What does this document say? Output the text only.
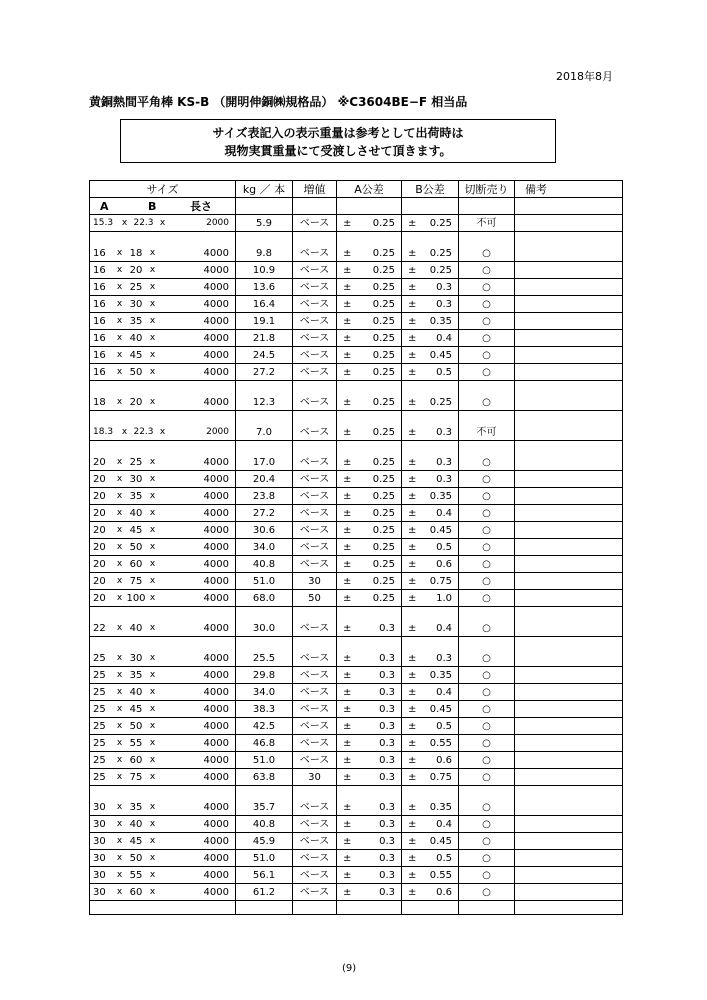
2018年8月
黄銅熱間平角棒 KS-B （開明伸銅㈱規格品） ※C3604BE−F 相当品
サイズ表記入の表示重量は参考として出荷時は
現物実貫重量にて受渡しさせて頂きます。
サイズ	kg ／ 本	増値	A公差	B公差	切断売り	備考

A B 長さ						

15.3 x 22.3 x 2000	5.9	ベース	± 0.25	± 0.25	不可	

16 x 18 x 4000	9.8	ベース	± 0.25	± 0.25	○	

16 x 20 x 4000	10.9	ベース	± 0.25	± 0.25	○	

16 x 25 x 4000	13.6	ベース	± 0.25	± 0.3	○	

16 x 30 x 4000	16.4	ベース	± 0.25	± 0.3	○	

16 x 35 x 4000	19.1	ベース	± 0.25	± 0.35	○	

16 x 40 x 4000	21.8	ベース	± 0.25	± 0.4	○	

16 x 45 x 4000	24.5	ベース	± 0.25	± 0.45	○	

16 x 50 x 4000	27.2	ベース	± 0.25	± 0.5	○	

18 x 20 x 4000	12.3	ベース	± 0.25	± 0.25	○	

18.3 x 22.3 x 2000	7.0	ベース	± 0.25	± 0.3	不可	

20 x 25 x 4000	17.0	ベース	± 0.25	± 0.3	○	

20 x 30 x 4000	20.4	ベース	± 0.25	± 0.3	○	

20 x 35 x 4000	23.8	ベース	± 0.25	± 0.35	○	

20 x 40 x 4000	27.2	ベース	± 0.25	± 0.4	○	

20 x 45 x 4000	30.6	ベース	± 0.25	± 0.45	○	

20 x 50 x 4000	34.0	ベース	± 0.25	± 0.5	○	

20 x 60 x 4000	40.8	ベース	± 0.25	± 0.6	○	

20 x 75 x 4000	51.0	30	± 0.25	± 0.75	○	

20 x 100 x 4000	68.0	50	± 0.25	± 1.0	○	

22 x 40 x 4000	30.0	ベース	± 0.3	± 0.4	○	

25 x 30 x 4000	25.5	ベース	± 0.3	± 0.3	○	

25 x 35 x 4000	29.8	ベース	± 0.3	± 0.35	○	

25 x 40 x 4000	34.0	ベース	± 0.3	± 0.4	○	

25 x 45 x 4000	38.3	ベース	± 0.3	± 0.45	○	

25 x 50 x 4000	42.5	ベース	± 0.3	± 0.5	○	

25 x 55 x 4000	46.8	ベース	± 0.3	± 0.55	○	

25 x 60 x 4000	51.0	ベース	± 0.3	± 0.6	○	

25 x 75 x 4000	63.8	30	± 0.3	± 0.75	○	

30 x 35 x 4000	35.7	ベース	± 0.3	± 0.35	○	

30 x 40 x 4000	40.8	ベース	± 0.3	± 0.4	○	

30 x 45 x 4000	45.9	ベース	± 0.3	± 0.45	○	

30 x 50 x 4000	51.0	ベース	± 0.3	± 0.5	○	

30 x 55 x 4000	56.1	ベース	± 0.3	± 0.55	○	

30 x 60 x 4000	61.2	ベース	± 0.3	± 0.6	○	

(9)
